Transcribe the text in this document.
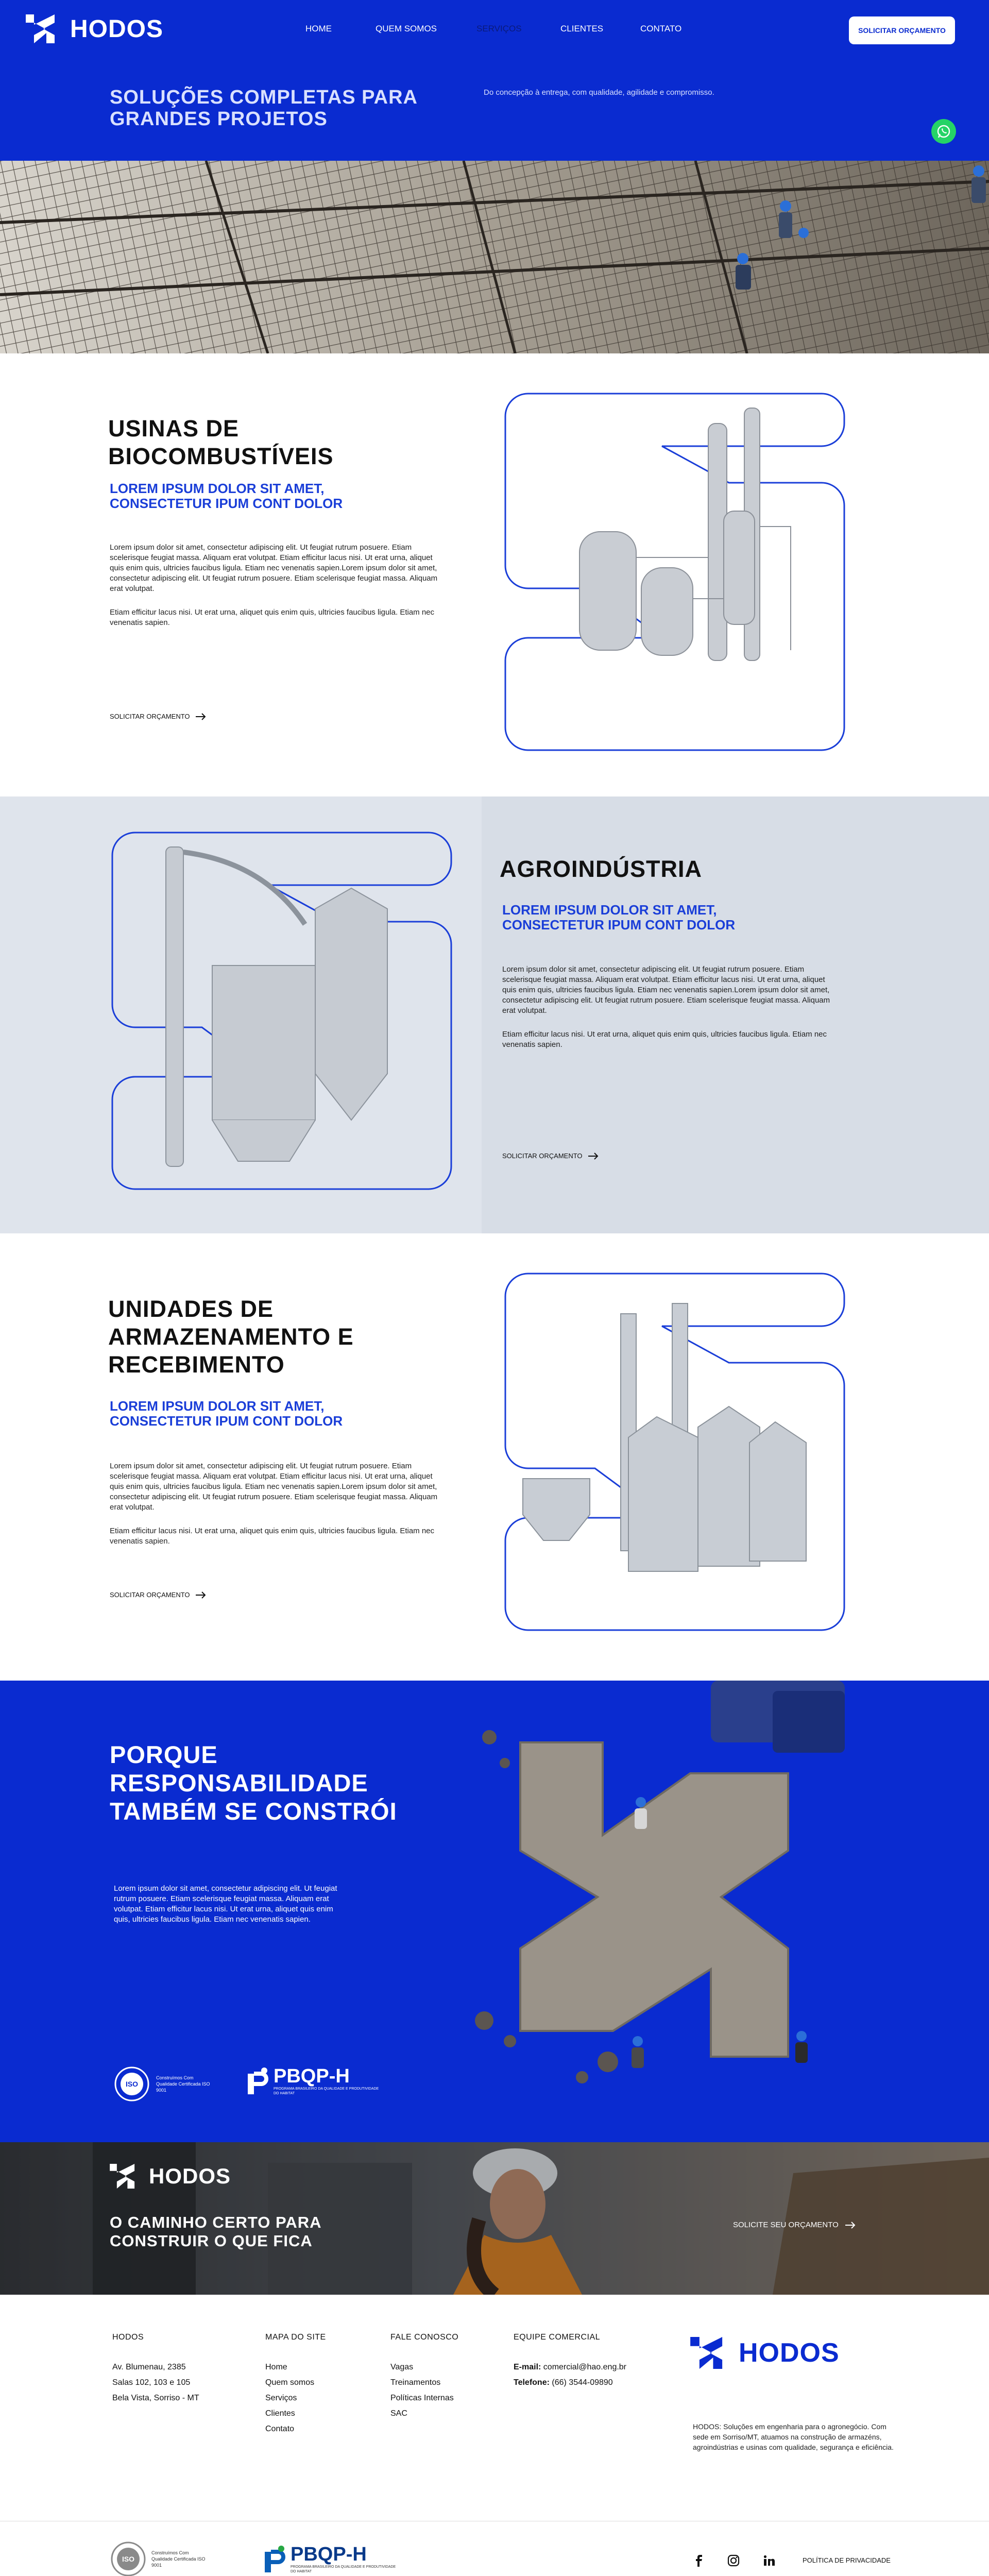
HODOS	HOME	QUEM SOMOS	SERVIÇOS	CLIENTES	CONTATO	SOLICITAR ORÇAMENTO
SOLUÇÕES COMPLETAS PARA GRANDES PROJETOS

Do concepção à entrega, com qualidade, agilidade e compromisso.

USINAS DE BIOCOMBUSTÍVEIS
LOREM IPSUM DOLOR SIT AMET, CONSECTETUR IPUM CONT DOLOR

Lorem ipsum dolor sit amet, consectetur adipiscing elit. Ut feugiat rutrum posuere. Etiam scelerisque feugiat massa. Aliquam erat volutpat. Etiam efficitur lacus nisi. Ut erat urna, aliquet quis enim quis, ultricies faucibus ligula. Etiam nec venenatis sapien.Lorem ipsum dolor sit amet, consectetur adipiscing elit. Ut feugiat rutrum posuere. Etiam scelerisque feugiat massa. Aliquam erat volutpat.

Etiam efficitur lacus nisi. Ut erat urna, aliquet quis enim quis, ultricies faucibus ligula. Etiam nec venenatis sapien.

SOLICITAR ORÇAMENTO
AGROINDÚSTRIA
LOREM IPSUM DOLOR SIT AMET, CONSECTETUR IPUM CONT DOLOR

Lorem ipsum dolor sit amet, consectetur adipiscing elit. Ut feugiat rutrum posuere. Etiam scelerisque feugiat massa. Aliquam erat volutpat. Etiam efficitur lacus nisi. Ut erat urna, aliquet quis enim quis, ultricies faucibus ligula. Etiam nec venenatis sapien.Lorem ipsum dolor sit amet, consectetur adipiscing elit. Ut feugiat rutrum posuere. Etiam scelerisque feugiat massa. Aliquam erat volutpat.

Etiam efficitur lacus nisi. Ut erat urna, aliquet quis enim quis, ultricies faucibus ligula. Etiam nec venenatis sapien.

SOLICITAR ORÇAMENTO
UNIDADES DE ARMAZENAMENTO E RECEBIMENTO
LOREM IPSUM DOLOR SIT AMET, CONSECTETUR IPUM CONT DOLOR

Lorem ipsum dolor sit amet, consectetur adipiscing elit. Ut feugiat rutrum posuere. Etiam scelerisque feugiat massa. Aliquam erat volutpat. Etiam efficitur lacus nisi. Ut erat urna, aliquet quis enim quis, ultricies faucibus ligula. Etiam nec venenatis sapien.Lorem ipsum dolor sit amet, consectetur adipiscing elit. Ut feugiat rutrum posuere. Etiam scelerisque feugiat massa. Aliquam erat volutpat.

Etiam efficitur lacus nisi. Ut erat urna, aliquet quis enim quis, ultricies faucibus ligula. Etiam nec venenatis sapien.

SOLICITAR ORÇAMENTO
PORQUE RESPONSABILIDADE TAMBÉM SE CONSTRÓI

Lorem ipsum dolor sit amet, consectetur adipiscing elit. Ut feugiat rutrum posuere. Etiam scelerisque feugiat massa. Aliquam erat volutpat. Etiam efficitur lacus nisi. Ut erat urna, aliquet quis enim quis, ultricies faucibus ligula. Etiam nec venenatis sapien.

ISO
Construímos Com Qualidade Certificada ISO 9001
PBQP-H
PROGRAMA BRASILEIRO DA QUALIDADE E PRODUTIVIDADE DO HABITAT
HODOS
O CAMINHO CERTO PARA CONSTRUIR O QUE FICA
SOLICITE SEU ORÇAMENTO
HODOS
Av. Blumenau, 2385
Salas 102, 103 e 105
Bela Vista, Sorriso - MT
MAPA DO SITE
Home
Quem somos
Serviços
Clientes
Contato
FALE CONOSCO
Vagas
Treinamentos
Políticas Internas
SAC
EQUIPE COMERCIAL
E-mail: comercial@hao.eng.br
Telefone: (66) 3544-09890
HODOS

HODOS: Soluções em engenharia para o agronegócio. Com sede em Sorriso/MT, atuamos na construção de armazéns, agroindústrias e usinas com qualidade, segurança e eficiência.

ISO
Construímos Com Qualidade Certificada ISO 9001	PBQP-H
PROGRAMA BRASILEIRO DA QUALIDADE E PRODUTIVIDADE DO HABITAT
POLÍTICA DE PRIVACIDADE
